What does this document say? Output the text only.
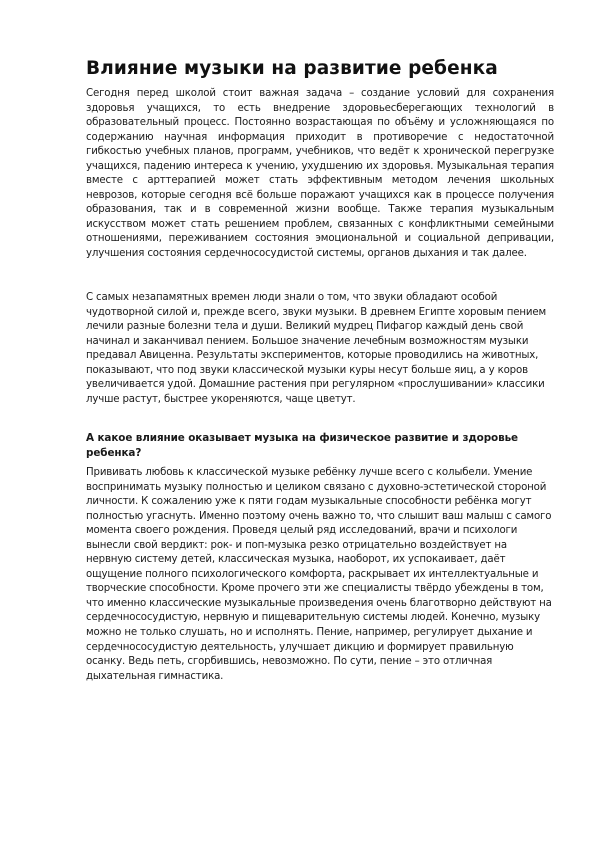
Влияние музыки на развитие ребенка

Сегодня перед школой стоит важная задача – создание условий для сохранения здоровья учащихся, то есть внедрение здоровьесберегающих технологий в образовательный процесс. Постоянно возрастающая по объёму и усложняющаяся по содержанию научная информация приходит в противоречие с недостаточной гибкостью учебных планов, программ, учебников, что ведёт к хронической перегрузке учащихся, падению интереса к учению, ухудшению их здоровья. Музыкальная терапия вместе с арттерапией может стать эффективным методом лечения школьных неврозов, которые сегодня всё больше поражают учащихся как в процессе получения образования, так и в современной жизни вообще. Также терапия музыкальным искусством может стать решением проблем, связанных с конфликтными семейными отношениями, переживанием состояния эмоциональной и социальной депривации, улучшения состояния сердечнососудистой системы, органов дыхания и так далее.

С самых незапамятных времен люди знали о том, что звуки обладают особой чудотворной силой и, прежде всего, звуки музыки. В древнем Египте хоровым пением лечили разные болезни тела и души. Великий мудрец Пифагор каждый день свой начинал и заканчивал пением. Большое значение лечебным возможностям музыки предавал Авиценна. Результаты экспериментов, которые проводились на животных, показывают, что под звуки классической музыки куры несут больше яиц, а у коров увеличивается удой. Домашние растения при регулярном «прослушивании» классики лучше растут, быстрее укореняются, чаще цветут.

А какое влияние оказывает музыка на физическое развитие и здоровье ребенка?

Прививать любовь к классической музыке ребёнку лучше всего с колыбели. Умение воспринимать музыку полностью и целиком связано с духовно-эстетической стороной личности. К сожалению уже к пяти годам музыкальные способности ребёнка могут полностью угаснуть. Именно поэтому очень важно то, что слышит ваш малыш с самого момента своего рождения. Проведя целый ряд исследований, врачи и психологи вынесли свой вердикт: рок- и поп-музыка резко отрицательно воздействует на нервную систему детей, классическая музыка, наоборот, их успокаивает, даёт ощущение полного психологического комфорта, раскрывает их интеллектуальные и творческие способности. Кроме прочего эти же специалисты твёрдо убеждены в том, что именно классические музыкальные произведения очень благотворно действуют на сердечнососудистую, нервную и пищеварительную системы людей. Конечно, музыку можно не только слушать, но и исполнять. Пение, например, регулирует дыхание и сердечнососудистую деятельность, улучшает дикцию и формирует правильную осанку. Ведь петь, сгорбившись, невозможно. По сути, пение – это отличная дыхательная гимнастика.
